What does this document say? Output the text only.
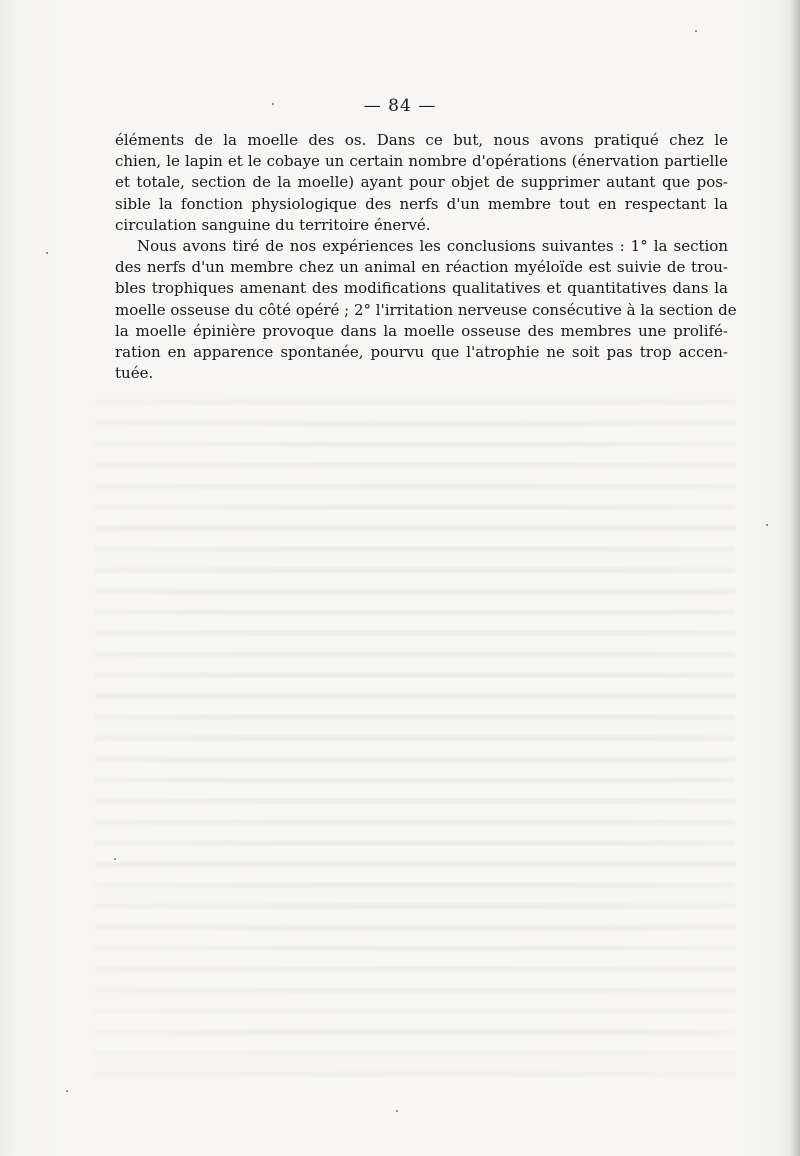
— 84 —
éléments de la moelle des os. Dans ce but, nous avons pratiqué chez le
chien, le lapin et le cobaye un certain nombre d'opérations (énervation partielle
et totale, section de la moelle) ayant pour objet de supprimer autant que pos-
sible la fonction physiologique des nerfs d'un membre tout en respectant la
circulation sanguine du territoire énervé.
Nous avons tiré de nos expériences les conclusions suivantes : 1° la section
des nerfs d'un membre chez un animal en réaction myéloïde est suivie de trou-
bles trophiques amenant des modifications qualitatives et quantitatives dans la
moelle osseuse du côté opéré ; 2° l'irritation nerveuse consécutive à la section de
la moelle épinière provoque dans la moelle osseuse des membres une prolifé-
ration en apparence spontanée, pourvu que l'atrophie ne soit pas trop accen-
tuée.
